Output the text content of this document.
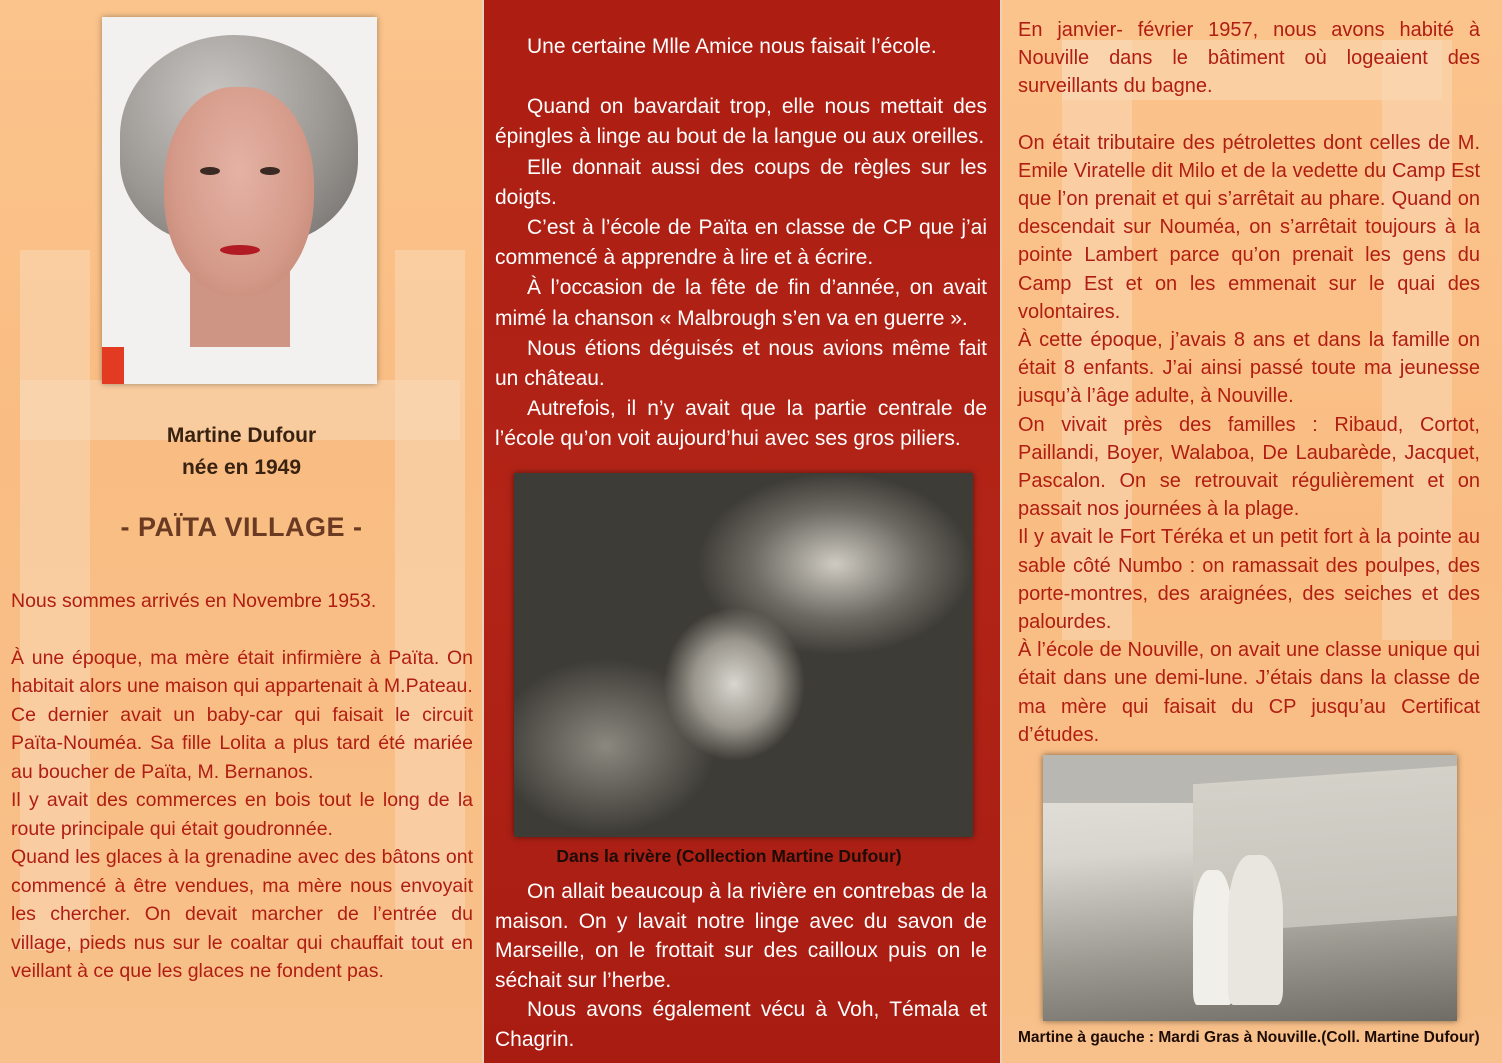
Martine Dufour
née en 1949
- PAÏTA VILLAGE -

Nous sommes arrivés en Novembre 1953.

À une époque, ma mère était infirmière à Païta. On habitait alors une maison qui appartenait à M.Pateau.

Ce dernier avait un baby-car qui faisait le circuit Païta-Nouméa. Sa fille Lolita a plus tard été mariée au boucher de Païta, M. Bernanos.

Il y avait des commerces en bois tout le long de la route principale qui était goudronnée.

Quand les glaces à la grenadine avec des bâtons ont commencé à être vendues, ma mère nous envoyait les chercher. On devait marcher de l’entrée du village, pieds nus sur le coaltar qui chauffait tout en veillant à ce que les glaces ne fondent pas.

Une certaine Mlle Amice nous faisait l’école.

Quand on bavardait trop, elle nous mettait des épingles à linge au bout de la langue ou aux oreilles.

Elle donnait aussi des coups de règles sur les doigts.

C’est à l’école de Païta en classe de CP que j’ai commencé à apprendre à lire et à écrire.

À l’occasion de la fête de fin d’année, on avait mimé la chanson « Malbrough s’en va en guerre ».

Nous étions déguisés et nous avions même fait un château.

Autrefois, il n’y avait que la partie centrale de l’école qu’on voit aujourd’hui avec ses gros piliers.

Dans la rivère (Collection Martine Dufour)

On allait beaucoup à la rivière en contrebas de la maison. On y lavait notre linge avec du savon de Marseille, on le frottait sur des cailloux puis on le séchait sur l’herbe.

Nous avons également vécu à Voh, Témala et Chagrin.

En janvier- février 1957, nous avons habité à Nouville dans le bâtiment où logeaient des surveillants du bagne.

On était tributaire des pétrolettes dont celles de M. Emile Viratelle dit Milo et de la vedette du Camp Est que l’on prenait et qui s’arrêtait au phare. Quand on descendait sur Nouméa, on s’arrêtait toujours à la pointe Lambert parce qu’on prenait les gens du Camp Est et on les emmenait sur le quai des volontaires.

À cette époque, j’avais 8 ans et dans la famille on était 8 enfants. J’ai ainsi passé toute ma jeunesse jusqu’à l’âge adulte, à Nouville.

On vivait près des familles : Ribaud, Cortot, Paillandi, Boyer, Walaboa, De Laubarède, Jacquet, Pascalon. On se retrouvait régulièrement et on passait nos journées à la plage.

Il y avait le Fort Téréka et un petit fort à la pointe au sable côté Numbo : on ramassait des poulpes, des porte-montres, des araignées, des seiches et des palourdes.

À l’école de Nouville, on avait une classe unique qui était dans une demi-lune. J’étais dans la classe de ma mère qui faisait du CP jusqu’au Certificat d’études.

Martine à gauche : Mardi Gras à Nouville.(Coll. Martine Dufour)
